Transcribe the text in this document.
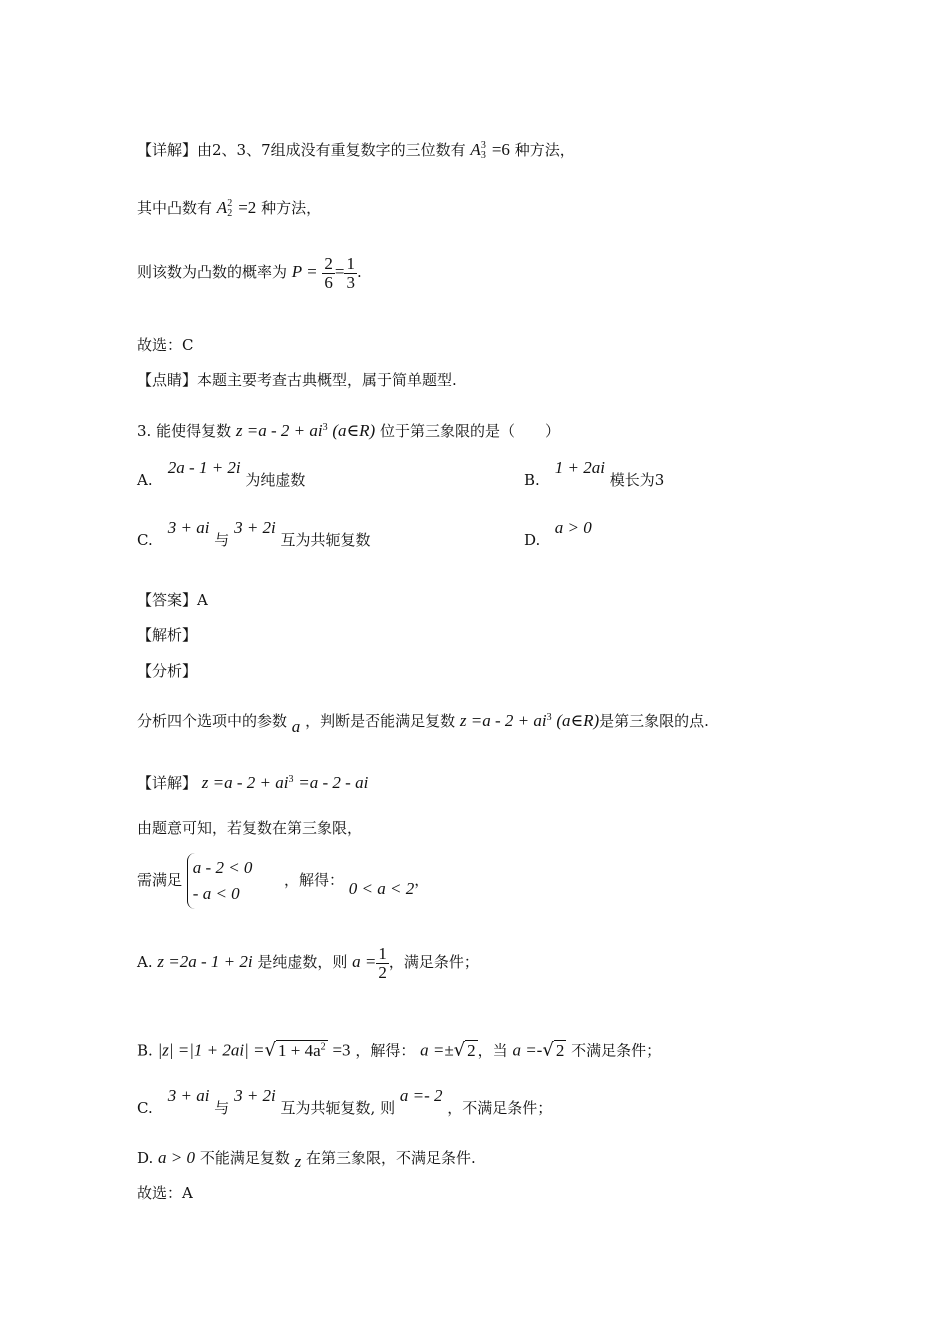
【详解】由2、3、7组成没有重复数字的三位数有 A 3
3 =6 种方法，
其中凸数有 A 2
2 =2 种方法，
则该数为凸数的概率为 $P = \frac{2}{6} = \frac{1}{3}$ .
故选：C
【点睛】本题主要考查古典概型，属于简单题型.
3. 能使得复数 $z =a - 2 + ai^3$ (a∈R) 位于第三象限的是（　　）
A. 2a - 1 + 2i 为纯虚数	B. 1 + 2ai 模长为3
C. 3 + ai 与 3 + 2i 互为共轭复数	D. a > 0
【答案】A
【解析】
【分析】
分析四个选项中的参数 a ，判断是否能满足复数 $z =a - 2 + ai^3$ (a∈R)是第三象限的点.
【详解】 $z =a - 2 + ai^3 =a - 2$ - ai
由题意可知，若复数在第三象限，
需满足
a - 2 < 0
- a < 0
，解得： 0 < a < 2，
A. z =2a - 1 + 2i 是纯虚数，则 $a = \frac{1}{2}$ ，满足条件；
B. |z| =|1 + 2ai| =√ $1 + 4a^2 =3$ ，解得： a =±√ 2 ，当 a =-√ 2 不满足条件；
C. 3 + ai 与 3 + 2i 互为共轭复数, 则 a =- 2 ，不满足条件；
D. a > 0 不能满足复数 z 在第三象限，不满足条件.
故选：A
